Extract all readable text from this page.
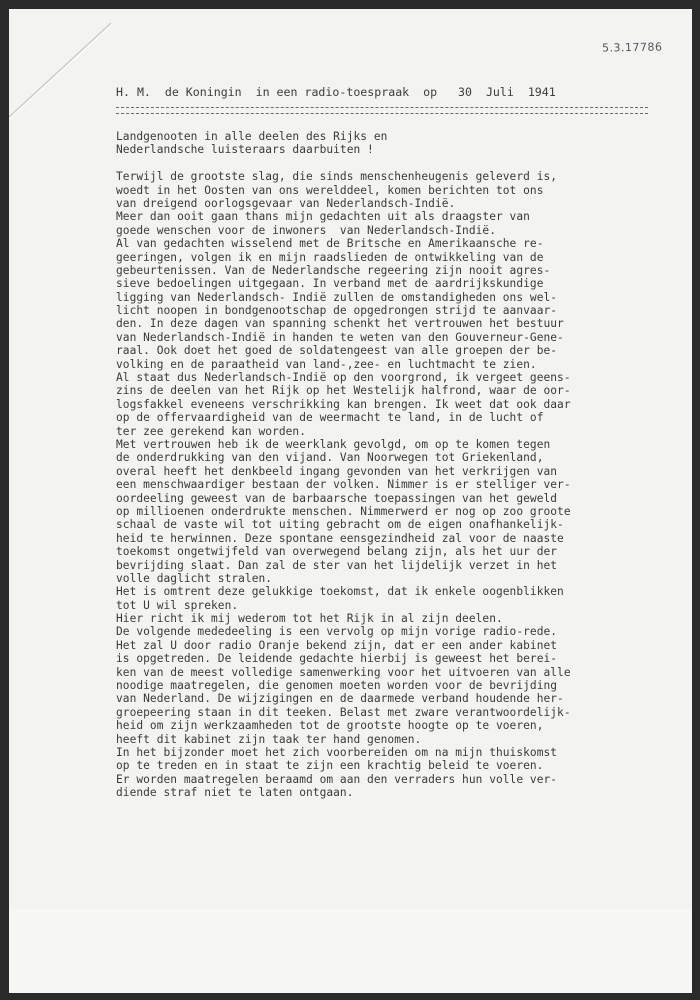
5.3.17786
H. M.  de Koningin  in een radio-toespraak  op   30  Juli  1941
Landgenooten in alle deelen des Rijks en
Nederlandsche luisteraars daarbuiten !
Terwijl de grootste slag, die sinds menschenheugenis geleverd is,
woedt in het Oosten van ons werelddeel, komen berichten tot ons
van dreigend oorlogsgevaar van Nederlandsch-Indië.
Meer dan ooit gaan thans mijn gedachten uit als draagster van
goede wenschen voor de inwoners  van Nederlandsch-Indië.
Al van gedachten wisselend met de Britsche en Amerikaansche re-
geeringen, volgen ik en mijn raadslieden de ontwikkeling van de
gebeurtenissen. Van de Nederlandsche regeering zijn nooit agres-
sieve bedoelingen uitgegaan. In verband met de aardrijkskundige
ligging van Nederlandsch- Indië zullen de omstandigheden ons wel-
licht noopen in bondgenootschap de opgedrongen strijd te aanvaar-
den. In deze dagen van spanning schenkt het vertrouwen het bestuur
van Nederlandsch-Indië in handen te weten van den Gouverneur-Gene-
raal. Ook doet het goed de soldatengeest van alle groepen der be-
volking en de paraatheid van land-,zee- en luchtmacht te zien.
Al staat dus Nederlandsch-Indië op den voorgrond, ik vergeet geens-
zins de deelen van het Rijk op het Westelijk halfrond, waar de oor-
logsfakkel eveneens verschrikking kan brengen. Ik weet dat ook daar
op de offervaardigheid van de weermacht te land, in de lucht of
ter zee gerekend kan worden.
Met vertrouwen heb ik de weerklank gevolgd, om op te komen tegen
de onderdrukking van den vijand. Van Noorwegen tot Griekenland,
overal heeft het denkbeeld ingang gevonden van het verkrijgen van
een menschwaardiger bestaan der volken. Nimmer is er stelliger ver-
oordeeling geweest van de barbaarsche toepassingen van het geweld
op millioenen onderdrukte menschen. Nimmerwerd er nog op zoo groote
schaal de vaste wil tot uiting gebracht om de eigen onafhankelijk-
heid te herwinnen. Deze spontane eensgezindheid zal voor de naaste
toekomst ongetwijfeld van overwegend belang zijn, als het uur der
bevrijding slaat. Dan zal de ster van het lijdelijk verzet in het
volle daglicht stralen.
Het is omtrent deze gelukkige toekomst, dat ik enkele oogenblikken
tot U wil spreken.
Hier richt ik mij wederom tot het Rijk in al zijn deelen.
De volgende mededeeling is een vervolg op mijn vorige radio-rede.
Het zal U door radio Oranje bekend zijn, dat er een ander kabinet
is opgetreden. De leidende gedachte hierbij is geweest het berei-
ken van de meest volledige samenwerking voor het uitvoeren van alle
noodige maatregelen, die genomen moeten worden voor de bevrijding
van Nederland. De wijzigingen en de daarmede verband houdende her-
groepeering staan in dit teeken. Belast met zware verantwoordelijk-
heid om zijn werkzaamheden tot de grootste hoogte op te voeren,
heeft dit kabinet zijn taak ter hand genomen.
In het bijzonder moet het zich voorbereiden om na mijn thuiskomst
op te treden en in staat te zijn een krachtig beleid te voeren.
Er worden maatregelen beraamd om aan den verraders hun volle ver-
diende straf niet te laten ontgaan.
